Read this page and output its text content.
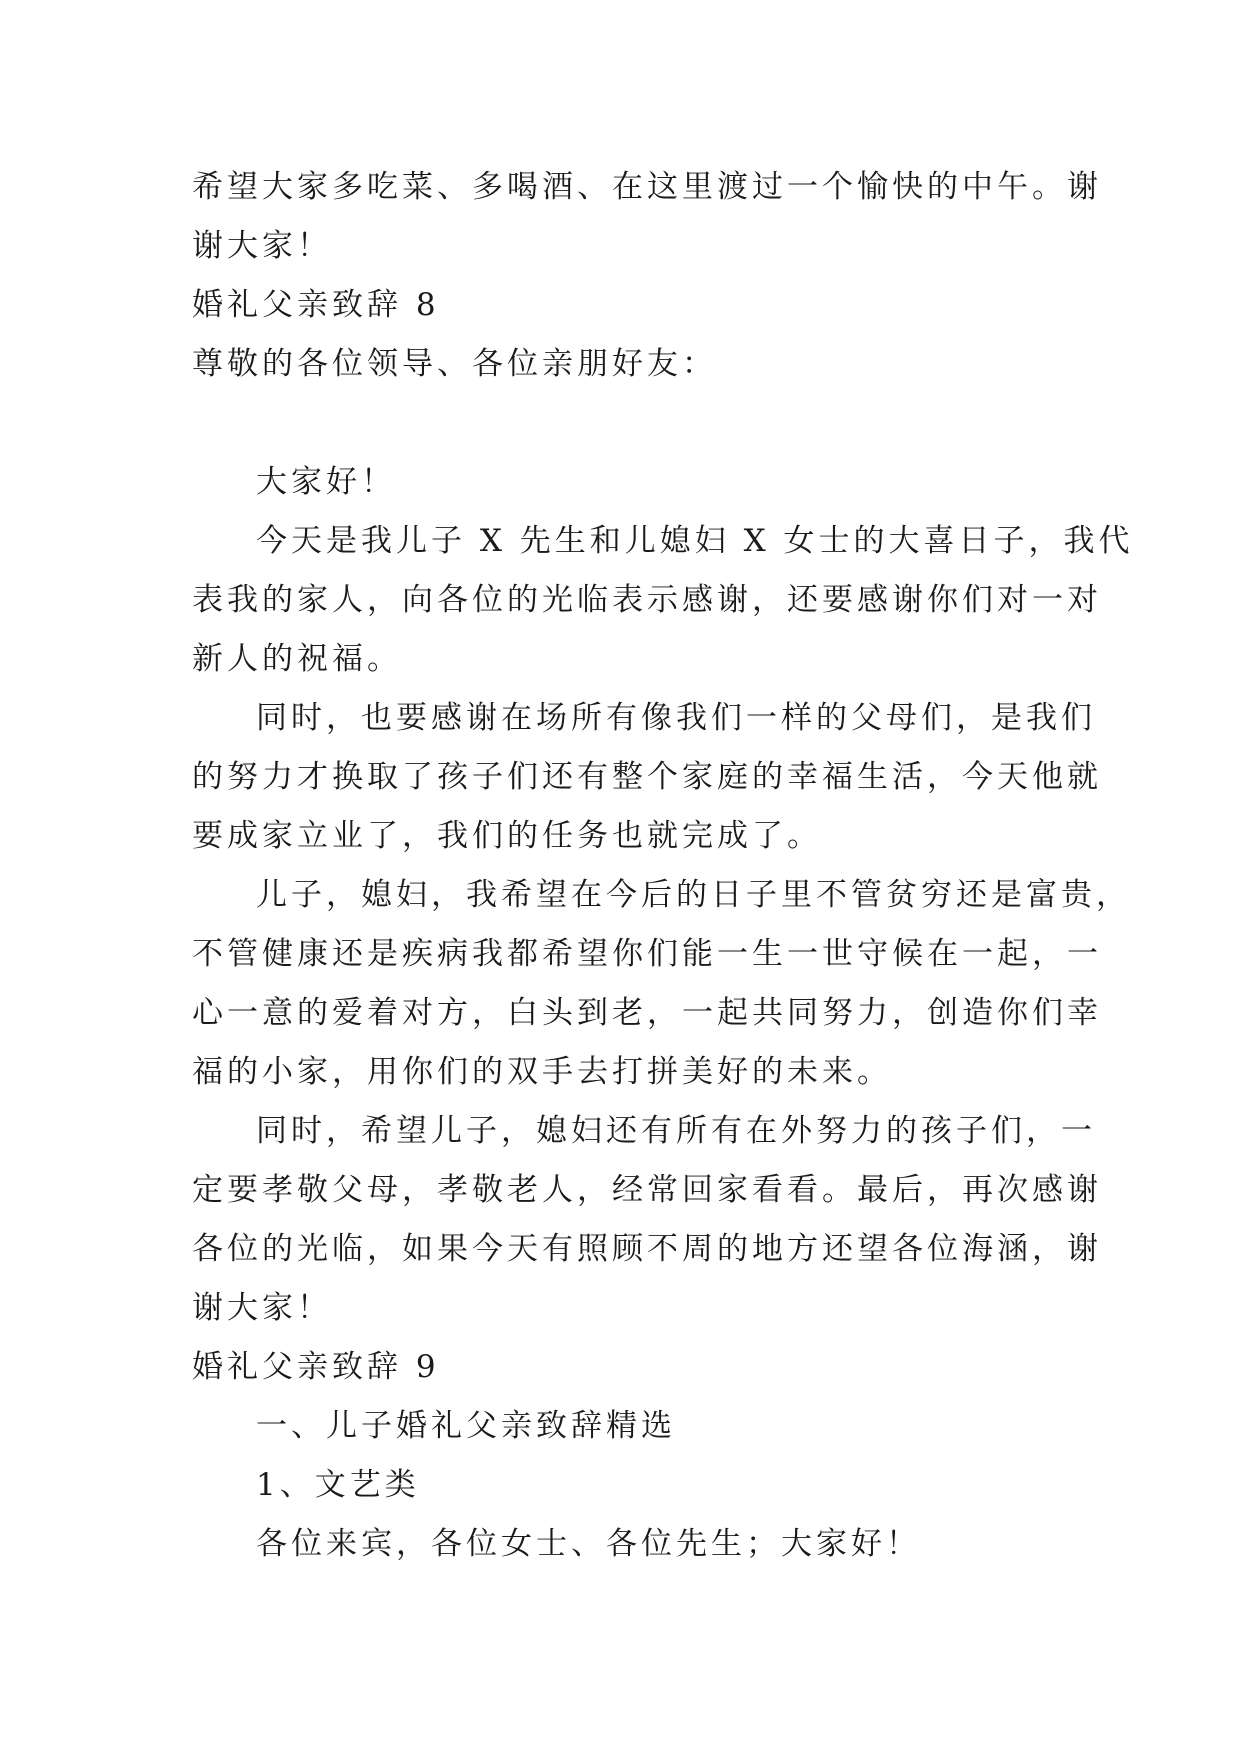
希望大家多吃菜、多喝酒、在这里渡过一个愉快的中午。谢
谢大家！
婚礼父亲致辞 8
尊敬的各位领导、各位亲朋好友：
大家好！
今天是我儿子 X 先生和儿媳妇 X 女士的大喜日子，我代
表我的家人，向各位的光临表示感谢，还要感谢你们对一对
新人的祝福。
同时，也要感谢在场所有像我们一样的父母们，是我们
的努力才换取了孩子们还有整个家庭的幸福生活，今天他就
要成家立业了，我们的任务也就完成了。
儿子，媳妇，我希望在今后的日子里不管贫穷还是富贵，
不管健康还是疾病我都希望你们能一生一世守候在一起，一
心一意的爱着对方，白头到老，一起共同努力，创造你们幸
福的小家，用你们的双手去打拼美好的未来。
同时，希望儿子，媳妇还有所有在外努力的孩子们，一
定要孝敬父母，孝敬老人，经常回家看看。最后，再次感谢
各位的光临，如果今天有照顾不周的地方还望各位海涵，谢
谢大家！
婚礼父亲致辞 9
一、儿子婚礼父亲致辞精选
1、文艺类
各位来宾，各位女士、各位先生；大家好！
